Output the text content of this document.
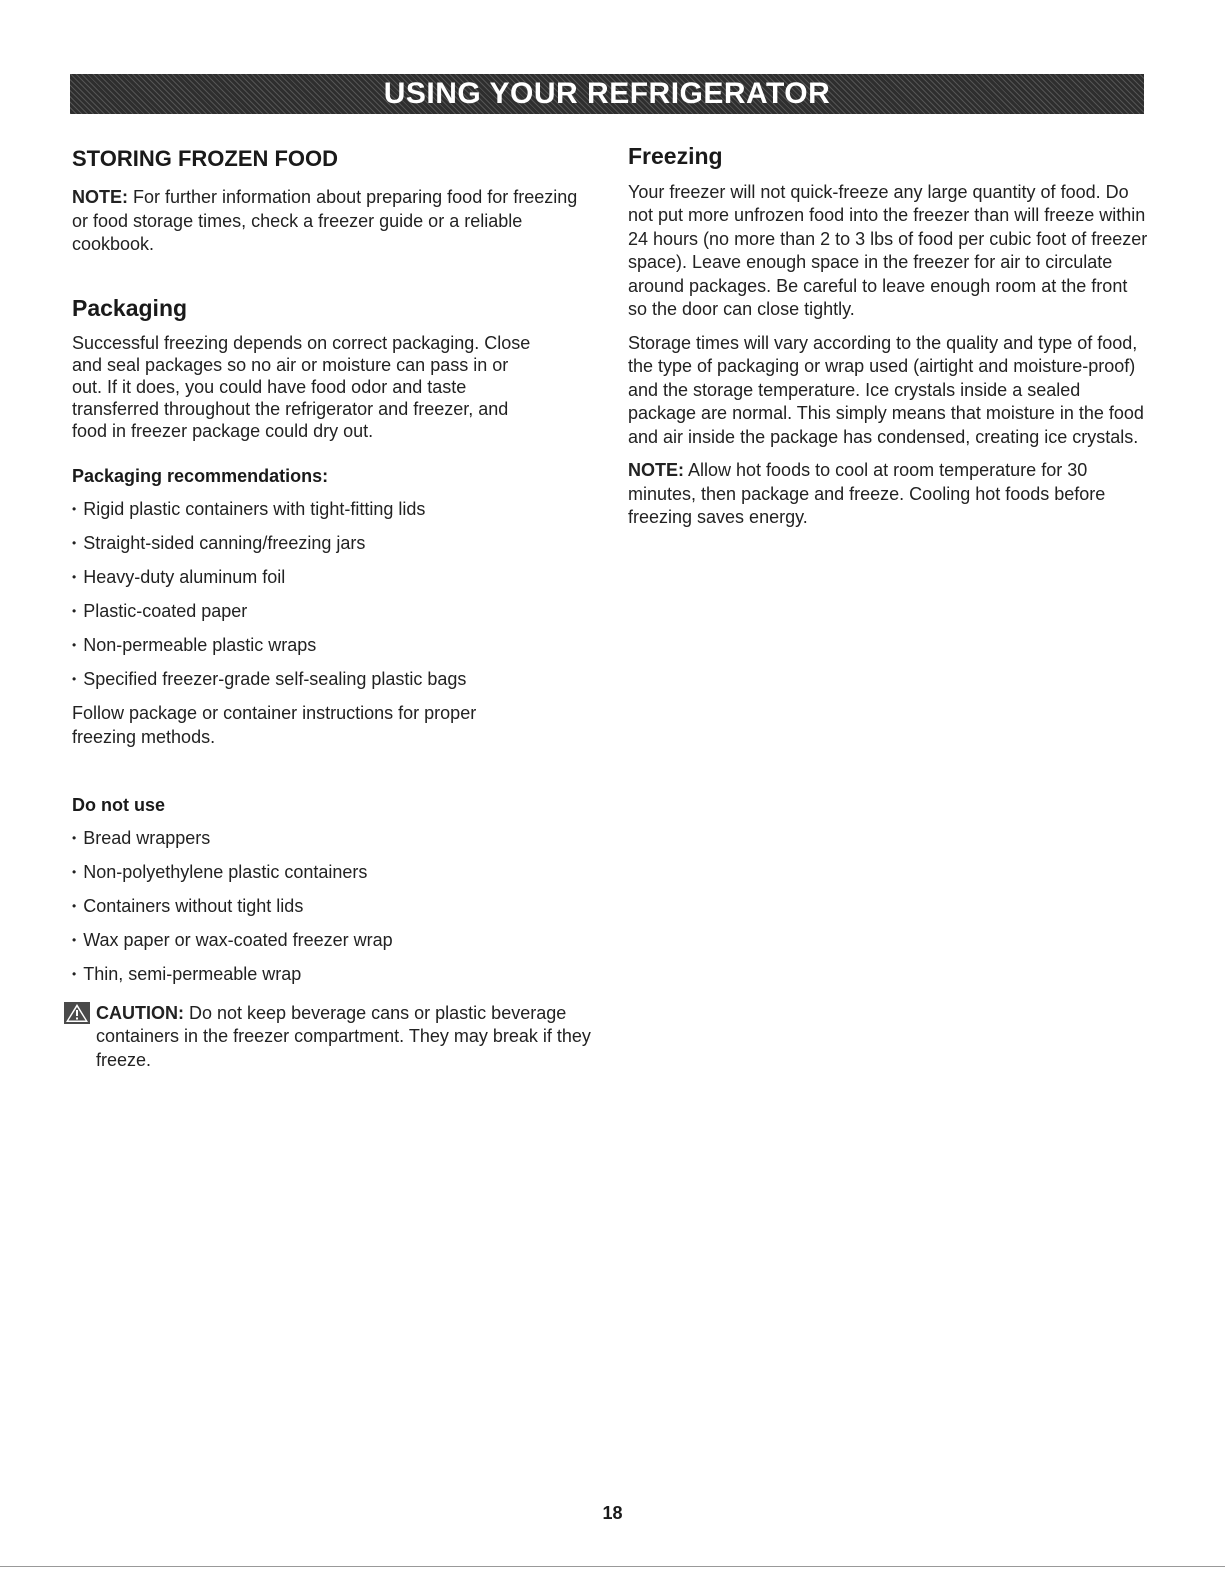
USING YOUR REFRIGERATOR
STORING FROZEN FOOD

NOTE: For further information about preparing food for freezing or food storage times, check a freezer guide or a reliable cookbook.

Packaging

Successful freezing depends on correct packaging. Close and seal packages so no air or moisture can pass in or out. If it does, you could have food odor and taste transferred throughout the refrigerator and freezer, and food in freezer package could dry out.

Packaging recommendations:
• Rigid plastic containers with tight-fitting lids
• Straight-sided canning/freezing jars
• Heavy-duty aluminum foil
• Plastic-coated paper
• Non-permeable plastic wraps
• Specified freezer-grade self-sealing plastic bags

Follow package or container instructions for proper freezing methods.

Do not use
• Bread wrappers
• Non-polyethylene plastic containers
• Containers without tight lids
• Wax paper or wax-coated freezer wrap
• Thin, semi-permeable wrap

CAUTION: Do not keep beverage cans or plastic beverage containers in the freezer compartment. They may break if they freeze.

Freezing

Your freezer will not quick-freeze any large quantity of food. Do not put more unfrozen food into the freezer than will freeze within 24 hours (no more than 2 to 3 lbs of food per cubic foot of freezer space). Leave enough space in the freezer for air to circulate around packages. Be careful to leave enough room at the front so the door can close tightly.

Storage times will vary according to the quality and type of food, the type of packaging or wrap used (airtight and moisture-proof) and the storage temperature. Ice crystals inside a sealed package are normal. This simply means that moisture in the food and air inside the package has condensed, creating ice crystals.

NOTE: Allow hot foods to cool at room temperature for 30 minutes, then package and freeze. Cooling hot foods before freezing saves energy.

18
